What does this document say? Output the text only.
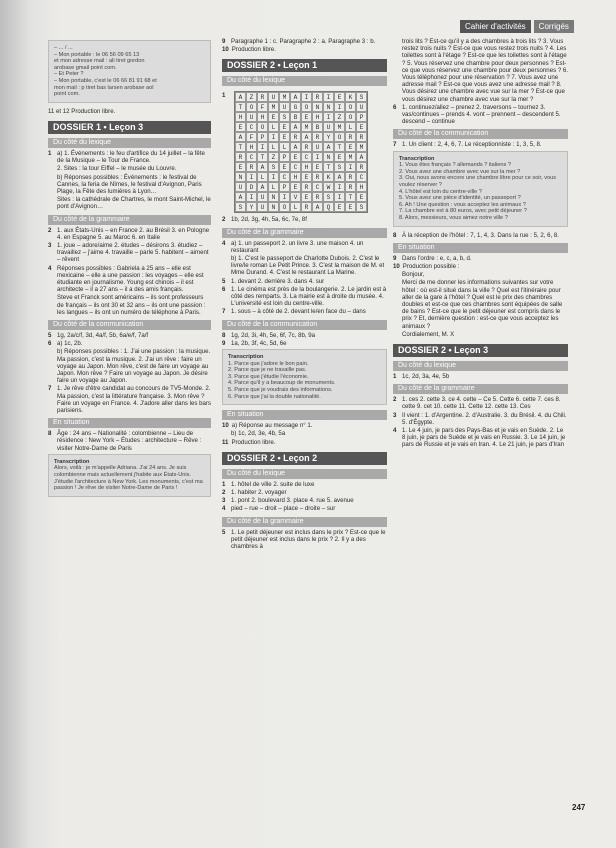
Cahier d'activités	Corrigés
– ... / ...
– Mon portable : le 06 56 09 65 13
et mon adresse mail : ali tiret gordon
arobase gmail point com.
– Et Peter ?
– Mon portable, c'est le 06 66 81 91 68 et
mon mail : p tiret bas larsen arobase aol
point com.
11 et 12 Production libre.
DOSSIER 1 • Leçon 3
Du côté du lexique
1 a) 1. Événements : le feu d'artifice du 14 juillet – la fête de la Musique – le Tour de France.
2. Sites : la tour Eiffel – le musée du Louvre.
b) Réponses possibles : Événements : le festival de Cannes, la feria de Nîmes, le festival d'Avignon, Paris Plage, la Fête des lumières à Lyon…
Sites : la cathédrale de Chartres, le mont Saint-Michel, le pont d'Avignon…
Du côté de la grammaire
2 1. aux États-Unis – en France 2. au Brésil 3. en Pologne 4. en Espagne 5. au Maroc 6. en Italie
3 1. joue – adore/aime 2. études – désirons 3. étudiez – travaillez – j'aime 4. travaille – parle 5. habitent – aiment – rêvent
4 Réponses possibles : Gabriela a 25 ans – elle est mexicaine – elle a une passion : les voyages – elle est étudiante en journalisme. Young est chinois – il est architecte – il a 27 ans – il a des amis français.
Steve et Franck sont américains – ils sont professeurs de français – ils ont 30 et 32 ans – ils ont une passion : les langues – ils ont un numéro de téléphone à Paris.
Du côté de la communication
5 1g, 2a/c/f, 3d, 4a/f, 5b, 6a/e/f, 7a/f
6 a) 1c, 2b.
b) Réponses possibles : 1. J'ai une passion : la musique. Ma passion, c'est la musique. 2. J'ai un rêve : faire un voyage au Japon. Mon rêve, c'est de faire un voyage au Japon. Mon rêve ? Faire un voyage au Japon. Je désire faire un voyage au Japon.
7 1. Je rêve d'être candidat au concours de TV5-Monde. 2. Ma passion, c'est la littérature française. 3. Mon rêve ? Faire un voyage en France. 4. J'adore aller dans les bars parisiens.
En situation
8 Âge : 24 ans – Nationalité : colombienne – Lieu de résidence : New York – Études : architecture – Rêve : visiter Notre-Dame de Paris
Transcription
Alors, voilà : je m'appelle Adriana. J'ai 24 ans. Je suis colombienne mais actuellement j'habite aux États-Unis. J'étudie l'architecture à New York. Les monuments, c'est ma passion ! Je rêve de visiter Notre-Dame de Paris !
9 Paragraphe 1 : c. Paragraphe 2 : a. Paragraphe 3 : b.
10 Production libre.
DOSSIER 2 • Leçon 1
Du côté du lexique
1	A	Z	R	U	M	A	I	R	I	E	K	S
T	O	F	M	U	G	O	N	N	I	O	U
H	U	H	E	S	B	E	H	I	Z	O	P
E	C	O	L	E	A	M	B	U	M	L	E
A	F	P	I	E	R	A	R	Y	O	R	R
T	H	I	L	L	A	R	U	A	T	E	M
R	C	T	Z	P	E	C	I	N	E	M	A
E	R	A	S	E	C	H	E	T	S	I	R
N	I	L	I	C	H	E	R	K	A	R	C
U	D	A	L	P	E	R	C	W	I	R	H
A	I	U	N	I	V	E	R	S	I	T	E
S	Y	U	N	O	L	R	A	Q	E	E	S
2 1b, 2d, 3g, 4h, 5a, 6c, 7e, 8f
Du côté de la grammaire
4 a) 1. un passeport 2. un livre 3. une maison 4. un restaurant
b) 1. C'est le passeport de Charlotte Dubois. 2. C'est le livre/le roman Le Petit Prince. 3. C'est la maison de M. et Mme Durand. 4. C'est le restaurant La Marine.
5 1. devant 2. derrière 3. dans 4. sur
6 1. Le cinéma est près de la boulangerie. 2. Le jardin est à côté des remparts. 3. La mairie est à droite du musée. 4. L'université est loin du centre-ville.
7 1. sous – à côté de 2. devant le/en face du – dans
Du côté de la communication
8 1g, 2d, 3i, 4h, 5e, 6f, 7c, 8b, 9a
9 1a, 2b, 3f, 4c, 5d, 6e
Transcription
1. Parce que j'adore le bon pain.
2. Parce que je ne travaille pas.
3. Parce que j'étudie l'économie.
4. Parce qu'il y a beaucoup de monuments.
5. Parce que je voudrais des informations.
6. Parce que j'ai la double nationalité.
En situation
10 a) Réponse au message n° 1.
b) 1c, 2d, 3e, 4b, 5a
11 Production libre.
DOSSIER 2 • Leçon 2
Du côté du lexique
1 1. hôtel de ville 2. suite de luxe
2 1. habiter 2. voyager
3 1. pont 2. boulevard 3. place 4. rue 5. avenue
4 pied – rue – droit – place – droite – sur
Du côté de la grammaire
5 1. Le petit déjeuner est inclus dans le prix ? Est-ce que le petit déjeuner est inclus dans le prix ? 2. Il y a des chambres à
trois lits ? Est-ce qu'il y a des chambres à trois lits ? 3. Vous restez trois nuits ? Est-ce que vous restez trois nuits ? 4. Les toilettes sont à l'étage ? Est-ce que les toilettes sont à l'étage ? 5. Vous réservez une chambre pour deux personnes ? Est-ce que vous réservez une chambre pour deux personnes ? 6. Vous téléphonez pour une réservation ? 7. Vous avez une adresse mail ? Est-ce que vous avez une adresse mail ? 8. Vous désirez une chambre avec vue sur la mer ? Est-ce que vous désirez une chambre avec vue sur la mer ?
6 1. continuez/allez – prenez 2. traversons – tournez 3. vas/continues – prends 4. vont – prennent – descendent 5. descend – continue
Du côté de la communication
7 1. Un client : 2, 4, 6, 7. Le réceptionniste : 1, 3, 5, 8.
Transcription
1. Vous êtes français ? allemands ? italiens ?
2. Vous avez une chambre avec vue sur la mer ?
3. Oui, nous avons encore une chambre libre pour ce soir, vous voulez réserver ?
4. L'hôtel est loin du centre-ville ?
5. Vous avez une pièce d'identité, un passeport ?
6. Ah ! Une question : vous acceptez les animaux ?
7. La chambre est à 80 euros, avec petit déjeuner ?
8. Alors, messieurs, vous aimez notre ville ?
8 À la réception de l'hôtel : 7, 1, 4, 3. Dans la rue : 5, 2, 6, 8.
En situation
9 Dans l'ordre : e, c, a, b, d.
10 Production possible :
Bonjour,
Merci de me donner les informations suivantes sur votre hôtel : où est-il situé dans la ville ? Quel est l'itinéraire pour aller de la gare à l'hôtel ? Quel est le prix des chambres doubles et est-ce que ces chambres sont équipées de salle de bains ? Est-ce que le petit déjeuner est compris dans le prix ? Et, dernière question : est-ce que vous acceptez les animaux ?
Cordialement, M. X
DOSSIER 2 • Leçon 3
Du côté du lexique
1 1c, 2d, 3a, 4e, 5b
Du côté de la grammaire
2 1. ces 2. cette 3. ce 4. cette – Ce 5. Cette 6. cette 7. ces 8. cette 9. cet 10. cette 11. Cette 12. cette 13. Ces
3 Il vient : 1. d'Argentine. 2. d'Australie. 3. du Brésil. 4. du Chili. 5. d'Égypte.
4 1. Le 4 juin, je pars des Pays-Bas et je vais en Suède. 2. Le 8 juin, je pars de Suède et je vais en Russie. 3. Le 14 juin, je pars de Russie et je vais en Iran. 4. Le 21 juin, je pars d'Iran
247
